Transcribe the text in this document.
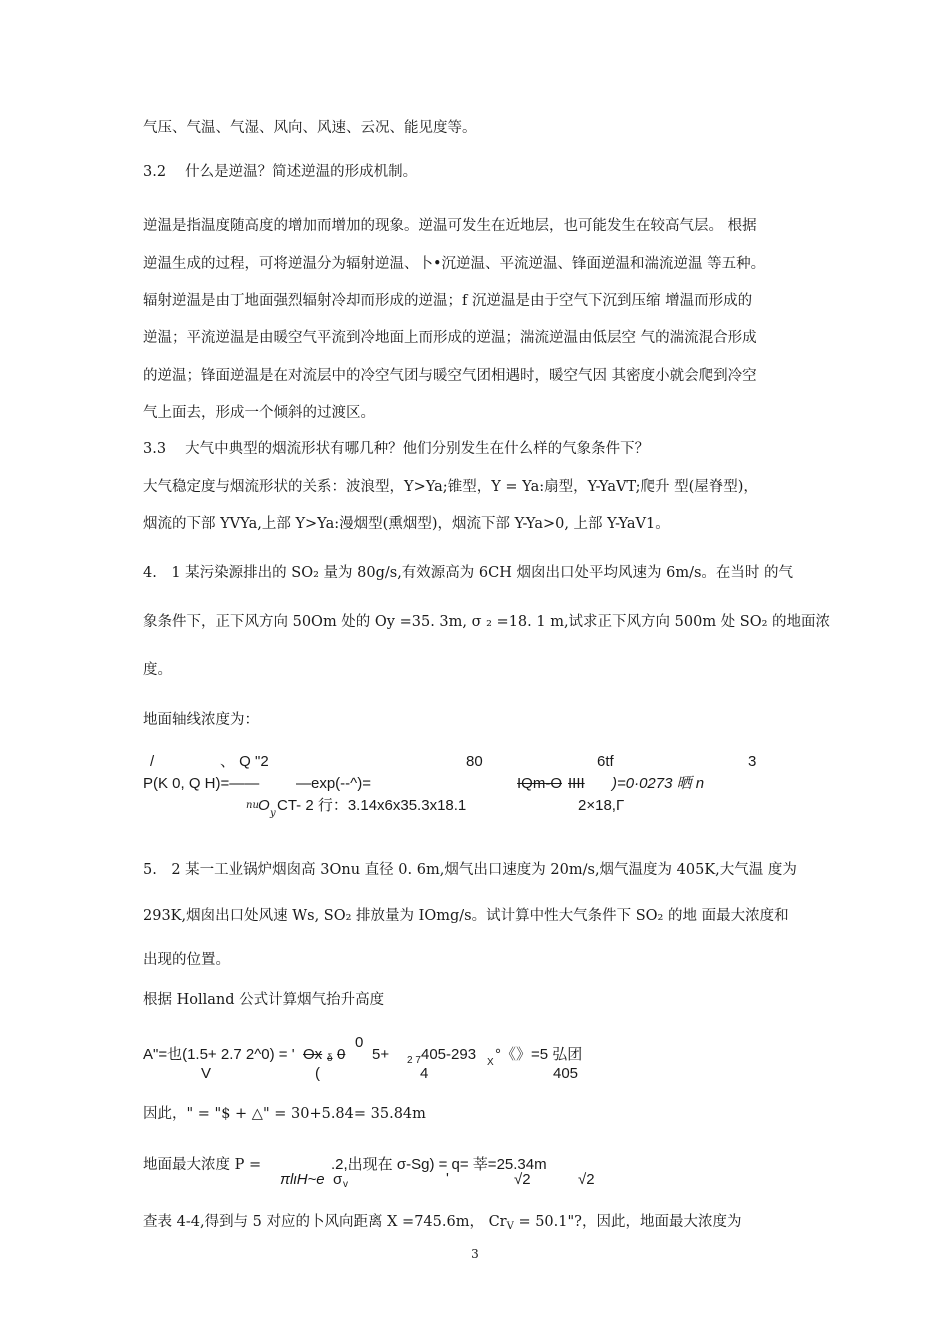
气压、气温、气湿、风向、风速、云况、能见度等。
3.2　 什么是逆温？简述逆温的形成机制。
逆温是指温度随高度的增加而增加的现象。逆温可发生在近地层，也可能发生在较高气层。 根据
逆温生成的过程，可将逆温分为辐射逆温、卜•沉逆温、平流逆温、锋面逆温和湍流逆温 等五种。
辐射逆温是由丁地面强烈辐射冷却而形成的逆温；f 沉逆温是由于空气下沉到压缩 增温而形成的
逆温；平流逆温是由暖空气平流到冷地面上而形成的逆温；湍流逆温由低层空 气的湍流混合形成
的逆温；锋面逆温是在对流层中的冷空气团与暖空气团相遇时，暖空气因 其密度小就会爬到冷空
气上面去，形成一个倾斜的过渡区。
3.3　 大气中典型的烟流形状有哪几种？他们分别发生在什么样的气象条件下？
大气稳定度与烟流形状的关系：波浪型，Y>Ya;锥型，Y = Ya:扇型，Y-YaVT;爬升 型(屋脊型)，
烟流的下部 YVYa,上部 Y>Ya:漫烟型(熏烟型)，烟流下部 Y-Ya>0, 上部 Y-YaV1。
4.　1 某污染源排出的 SO₂ 量为 80g/s,有效源高为 6CH 烟囱出口处平均风速为 6m/s。在当时 的气
象条件下，正下风方向 50Om 处的 Oy =35. 3m, σ ₂ =18. 1 m,试求正下风方向 500m 处 SO₂ 的地面浓
度。
地面轴线浓度为：
/	、 Q "2	80	6tf	3
P(K 0, Q H)=—— —exp(--^)=	IQm-O IIII )=0·0273 晒 n
nu O y CT- 2 行：3.14x6x35.3x18.1	2×18,Γ
5.　2 某一工业锅炉烟囱高 3Onu 直径 0. 6m,烟气出口速度为 20m∕s,烟气温度为 405K,大气温 度为
293K,烟囱出口处风速 Ws, SO₂ 排放量为 IOmg/s。试计算中性大气条件下 SO₂ 的地 面最大浓度和
出现的位置。
根据 Holland 公式计算烟气抬升高度
0
A"=也(1.5+ 2.7 2^0) = ' Ox δ 0 5+ 2 7 405-293 X °《》=5 弘团
V	(	4	405
因此，" = "$ + △" = 30+5.84= 35.84m
地面最大浓度 P =	.2,出现在 σ-Sg) = q= 莘=25.34m
πlιH~e σ v	'	√2	√2
查表 4-4,得到与 5 对应的卜风向距离 X =745.6m， $Cr_V = 50.1$"?，因此，地面最大浓度为
3
